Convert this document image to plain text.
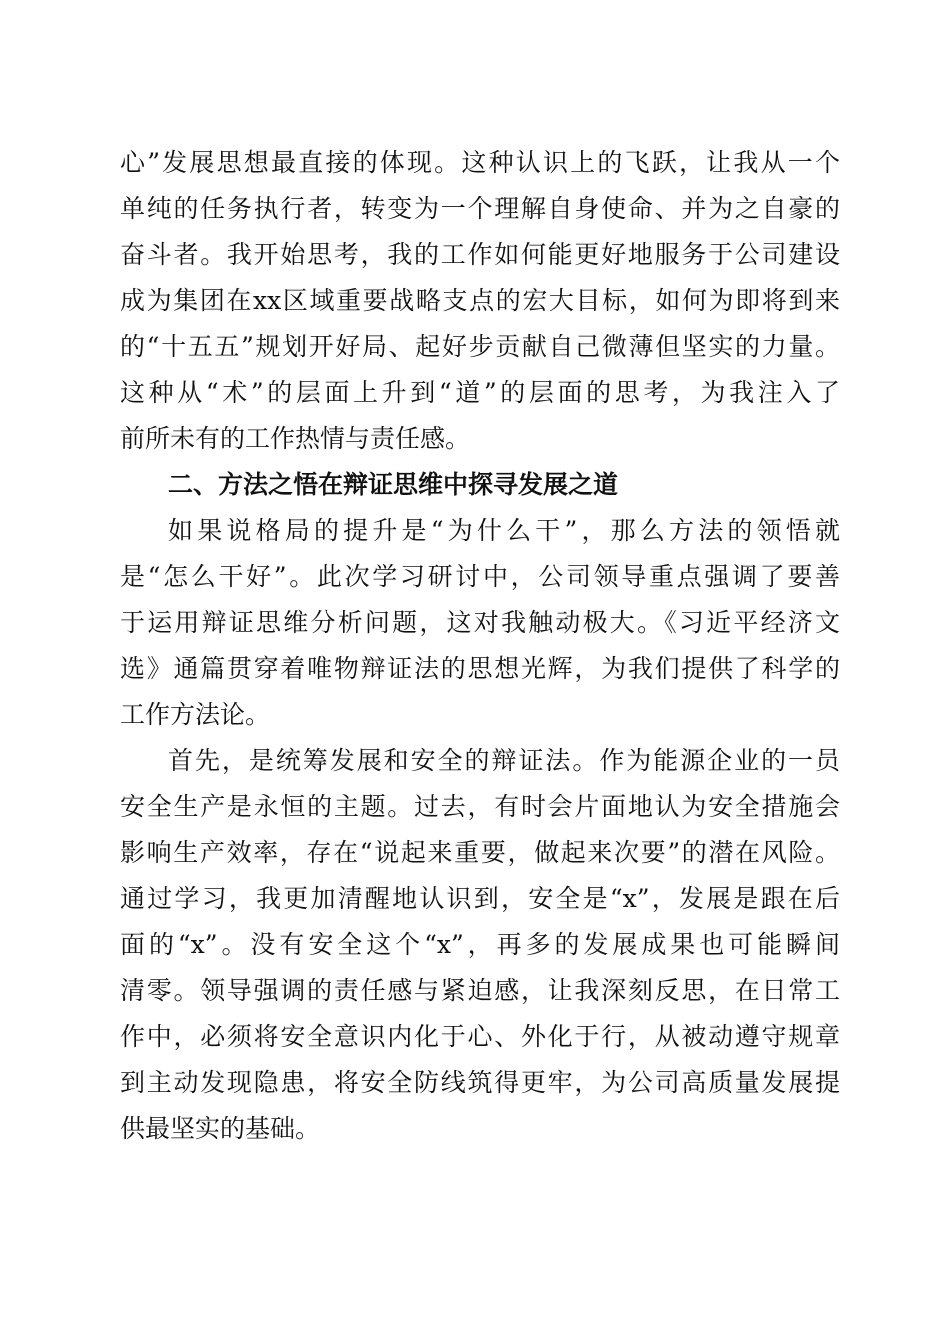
心”发展思想最直接的体现。这种认识上的飞跃，让我从一个
单纯的任务执行者，转变为一个理解自身使命、并为之自豪的
奋斗者。我开始思考，我的工作如何能更好地服务于公司建设
成为集团在xx区域重要战略支点的宏大目标，如何为即将到来
的“十五五”规划开好局、起好步贡献自己微薄但坚实的力量。
这种从“术”的层面上升到“道”的层面的思考，为我注入了
前所未有的工作热情与责任感。
二、方法之悟在辩证思维中探寻发展之道
如果说格局的提升是“为什么干”，那么方法的领悟就
是“怎么干好”。此次学习研讨中，公司领导重点强调了要善
于运用辩证思维分析问题，这对我触动极大。《习近平经济文
选》通篇贯穿着唯物辩证法的思想光辉，为我们提供了科学的
工作方法论。
首先，是统筹发展和安全的辩证法。作为能源企业的一员
安全生产是永恒的主题。过去，有时会片面地认为安全措施会
影响生产效率，存在“说起来重要，做起来次要”的潜在风险。
通过学习，我更加清醒地认识到，安全是“x”，发展是跟在后
面的“x”。没有安全这个“x”，再多的发展成果也可能瞬间
清零。领导强调的责任感与紧迫感，让我深刻反思，在日常工
作中，必须将安全意识内化于心、外化于行，从被动遵守规章
到主动发现隐患，将安全防线筑得更牢，为公司高质量发展提
供最坚实的基础。
